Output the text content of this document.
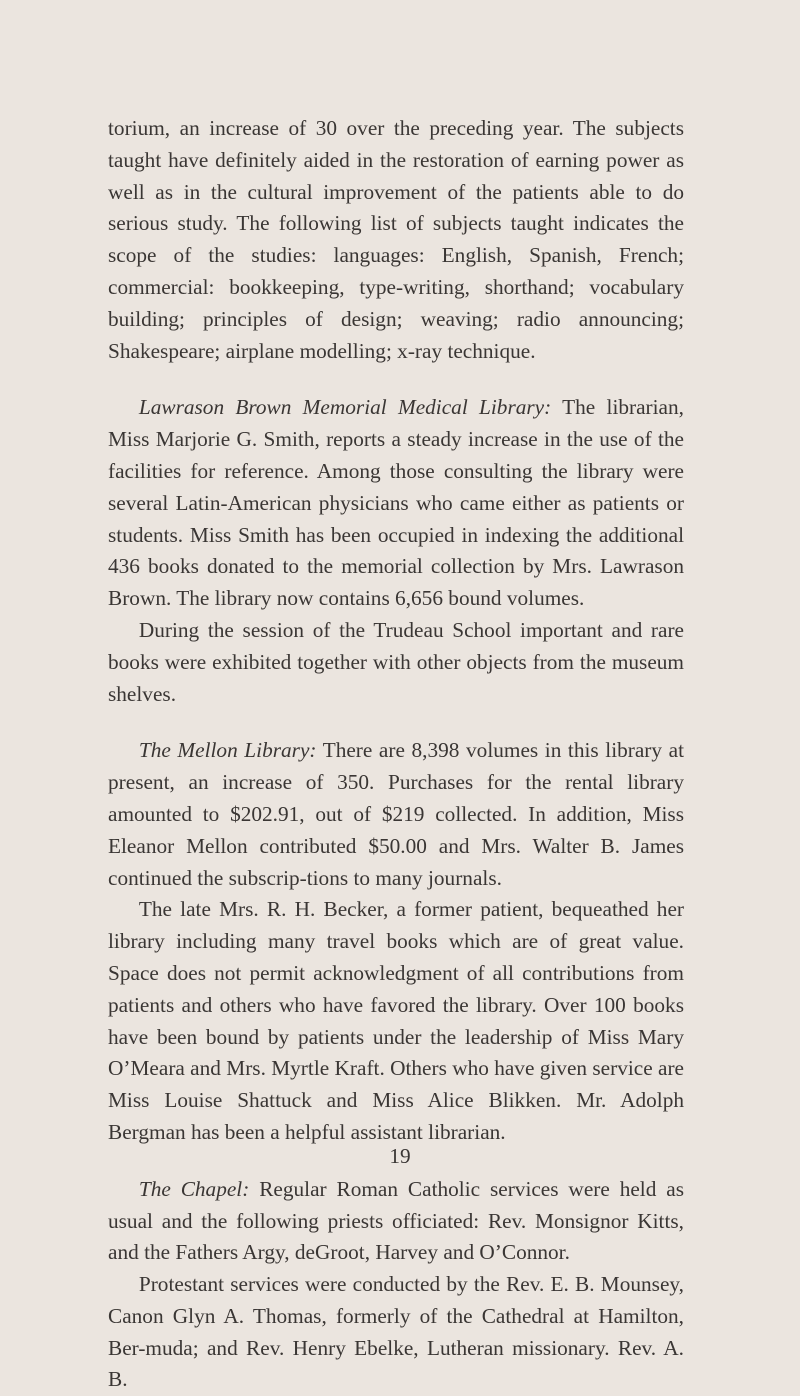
torium, an increase of 30 over the preceding year. The subjects taught have definitely aided in the restoration of earning power as well as in the cultural improvement of the patients able to do serious study. The following list of subjects taught indicates the scope of the studies: languages: English, Spanish, French; commercial: bookkeeping, type-writing, shorthand; vocabulary building; principles of design; weaving; radio announcing; Shakespeare; airplane modelling; x-ray technique.

Lawrason Brown Memorial Medical Library: The librarian, Miss Marjorie G. Smith, reports a steady increase in the use of the facilities for reference. Among those consulting the library were several Latin-American physicians who came either as patients or students. Miss Smith has been occupied in indexing the additional 436 books donated to the memorial collection by Mrs. Lawrason Brown. The library now contains 6,656 bound volumes.

During the session of the Trudeau School important and rare books were exhibited together with other objects from the museum shelves.

The Mellon Library: There are 8,398 volumes in this library at present, an increase of 350. Purchases for the rental library amounted to $202.91, out of $219 collected. In addition, Miss Eleanor Mellon contributed $50.00 and Mrs. Walter B. James continued the subscrip-tions to many journals.

The late Mrs. R. H. Becker, a former patient, bequeathed her library including many travel books which are of great value. Space does not permit acknowledgment of all contributions from patients and others who have favored the library. Over 100 books have been bound by patients under the leadership of Miss Mary O’Meara and Mrs. Myrtle Kraft. Others who have given service are Miss Louise Shattuck and Miss Alice Blikken. Mr. Adolph Bergman has been a helpful assistant librarian.

The Chapel: Regular Roman Catholic services were held as usual and the following priests officiated: Rev. Monsignor Kitts, and the Fathers Argy, deGroot, Harvey and O’Connor.

Protestant services were conducted by the Rev. E. B. Mounsey, Canon Glyn A. Thomas, formerly of the Cathedral at Hamilton, Ber-muda; and Rev. Henry Ebelke, Lutheran missionary. Rev. A. B.

19
